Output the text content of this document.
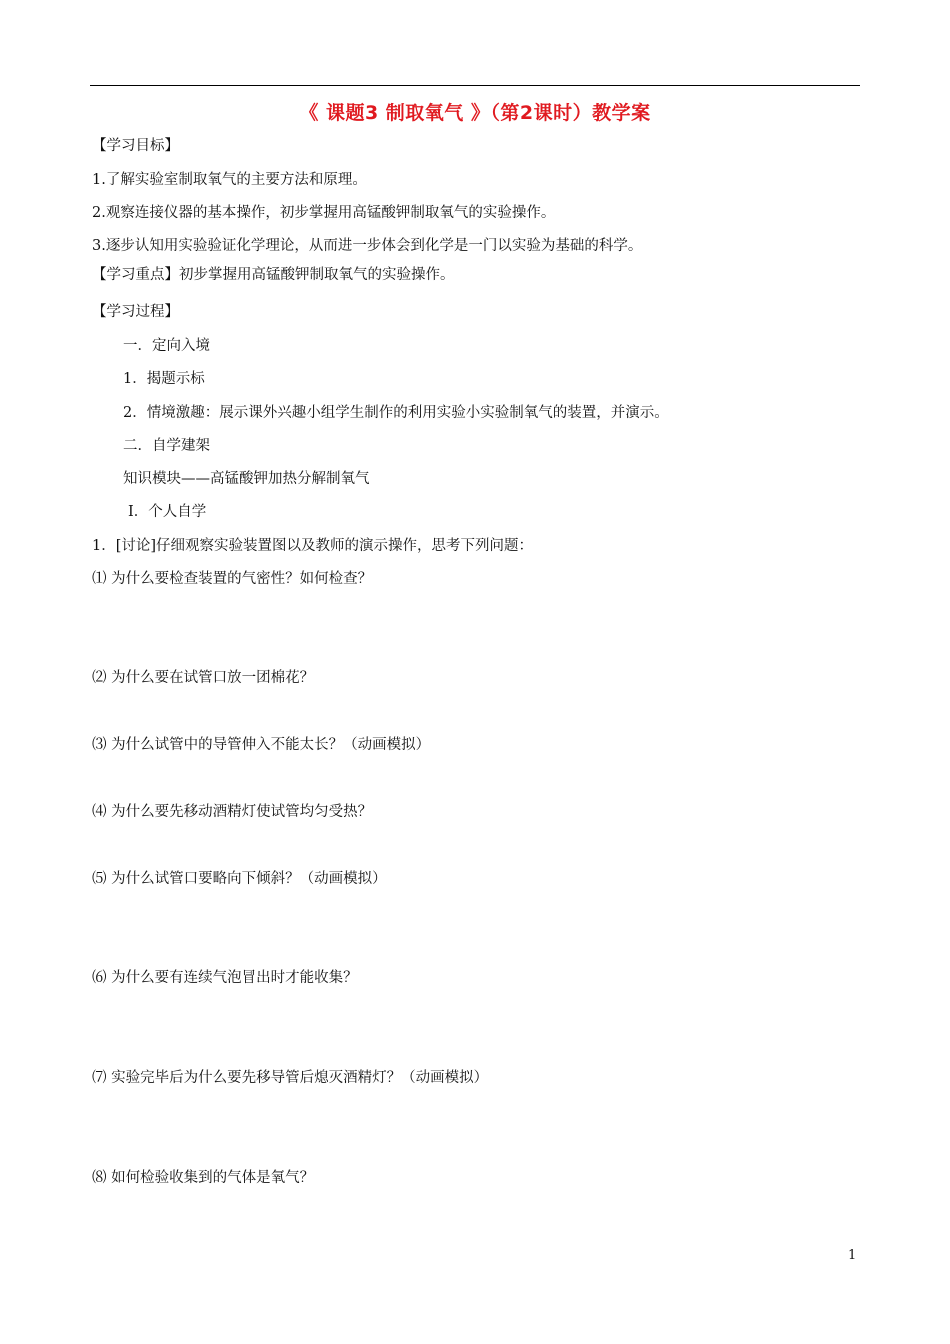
《 课题3 制取氧气 》（第2课时）教学案
【学习目标】
1.了解实验室制取氧气的主要方法和原理。
2.观察连接仪器的基本操作，初步掌握用高锰酸钾制取氧气的实验操作。
3.逐步认知用实验验证化学理论，从而进一步体会到化学是一门以实验为基础的科学。
【学习重点】初步掌握用高锰酸钾制取氧气的实验操作。
【学习过程】
一．定向入境
1．揭题示标
2．情境激趣：展示课外兴趣小组学生制作的利用实验小实验制氧气的装置，并演示。
二．自学建架
知识模块——高锰酸钾加热分解制氧气
Ⅰ．个人自学
1．[讨论]仔细观察实验装置图以及教师的演示操作，思考下列问题：
⑴ 为什么要检查装置的气密性？如何检查？
⑵ 为什么要在试管口放一团棉花？
⑶ 为什么试管中的导管伸入不能太长？（动画模拟）
⑷ 为什么要先移动酒精灯使试管均匀受热？
⑸ 为什么试管口要略向下倾斜？（动画模拟）
⑹ 为什么要有连续气泡冒出时才能收集？
⑺ 实验完毕后为什么要先移导管后熄灭酒精灯？（动画模拟）
⑻ 如何检验收集到的气体是氧气？
1
